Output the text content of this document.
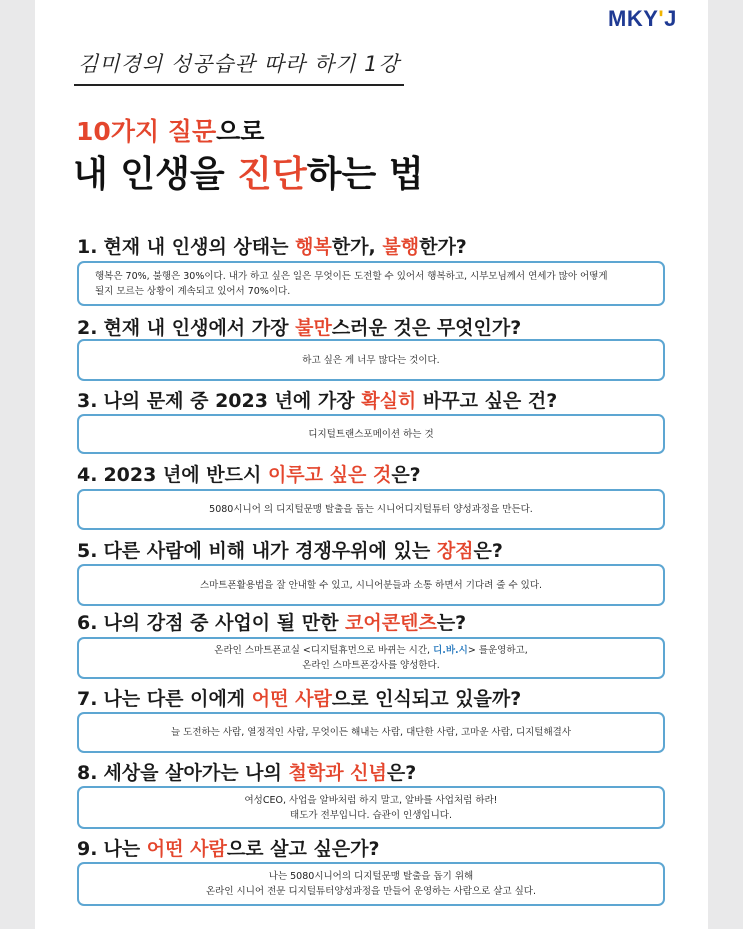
MKY'J
김미경의 성공습관 따라 하기 1강
10가지 질문으로
내 인생을 진단하는 법
1. 현재 내 인생의 상태는 행복한가, 불행한가?
행복은 70%, 불행은 30%이다. 내가 하고 싶은 일은 무엇이든 도전할 수 있어서 행복하고, 시부모님께서 연세가 많아 어떻게
될지 모르는 상황이 계속되고 있어서 70%이다.
2. 현재 내 인생에서 가장 불만스러운 것은 무엇인가?
하고 싶은 게 너무 많다는 것이다.
3. 나의 문제 중 2023 년에 가장 확실히 바꾸고 싶은 건?
디지털트랜스포메이션 하는 것
4. 2023 년에 반드시 이루고 싶은 것은?
5080시니어 의 디지털문맹 탈출을 돕는 시니어디지털튜터 양성과정을 만든다.
5. 다른 사람에 비해 내가 경쟁우위에 있는 장점은?
스마트폰활용법을 잘 안내할 수 있고, 시니어분들과 소통 하면서 기다려 줄 수 있다.
6. 나의 강점 중 사업이 될 만한 코어콘텐츠는?
온라인 스마트폰교실 <디지털휴먼으로 바뀌는 시간, 디.바.시> 를운영하고,
온라인 스마트폰강사를 양성한다.
7. 나는 다른 이에게 어떤 사람으로 인식되고 있을까?
늘 도전하는 사람, 열정적인 사람, 무엇이든 해내는 사람, 대단한 사람, 고마운 사람, 디지털해결사
8. 세상을 살아가는 나의 철학과 신념은?
여성CEO, 사업을 알바처럼 하지 말고, 알바를 사업처럼 하라!
태도가 전부입니다. 습관이 인생입니다.
9. 나는 어떤 사람으로 살고 싶은가?
나는 5080시니어의 디지털문맹 탈출을 돕기 위해
온라인 시니어 전문 디지털튜터양성과정을 만들어 운영하는 사람으로 살고 싶다.
